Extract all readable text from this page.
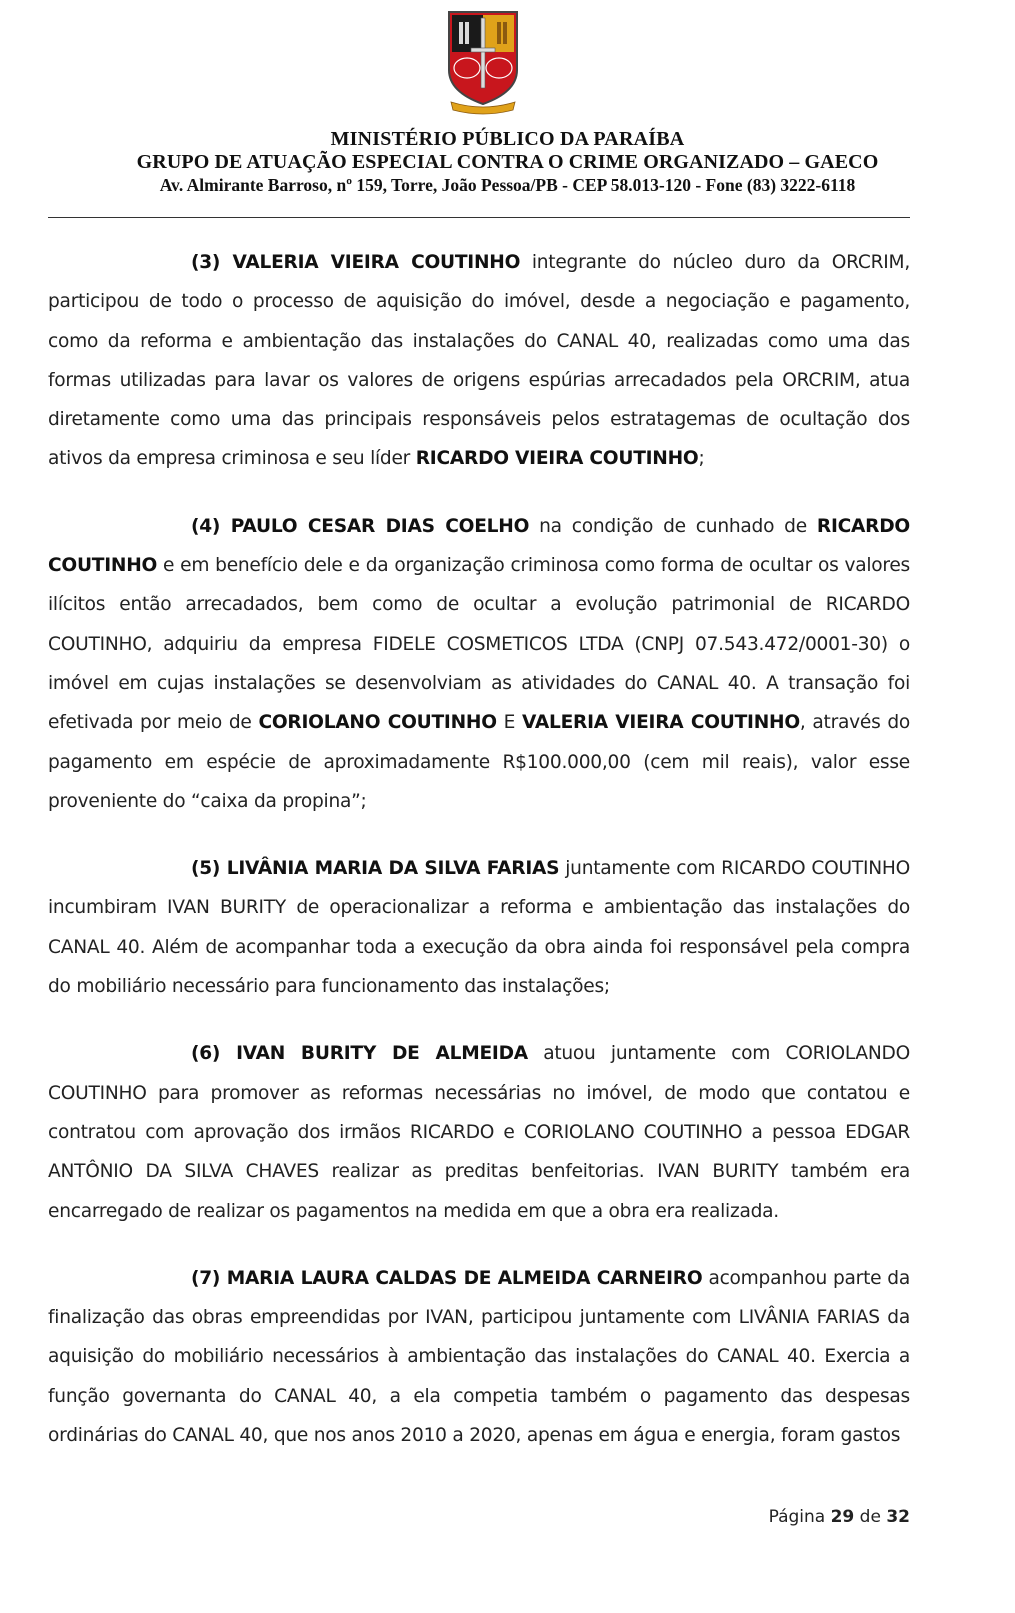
MINISTÉRIO PÚBLICO DA PARAÍBA
GRUPO DE ATUAÇÃO ESPECIAL CONTRA O CRIME ORGANIZADO – GAECO
Av. Almirante Barroso, nº 159, Torre, João Pessoa/PB - CEP 58.013-120 - Fone (83) 3222-6118

(3) VALERIA VIEIRA COUTINHO integrante do núcleo duro da ORCRIM, participou de todo o processo de aquisição do imóvel, desde a negociação e pagamento, como da reforma e ambientação das instalações do CANAL 40, realizadas como uma das formas utilizadas para lavar os valores de origens espúrias arrecadados pela ORCRIM, atua diretamente como uma das principais responsáveis pelos estratagemas de ocultação dos ativos da empresa criminosa e seu líder RICARDO VIEIRA COUTINHO;

(4) PAULO CESAR DIAS COELHO na condição de cunhado de RICARDO COUTINHO e em benefício dele e da organização criminosa como forma de ocultar os valores ilícitos então arrecadados, bem como de ocultar a evolução patrimonial de RICARDO COUTINHO, adquiriu da empresa FIDELE COSMETICOS LTDA (CNPJ 07.543.472/0001-30) o imóvel em cujas instalações se desenvolviam as atividades do CANAL 40. A transação foi efetivada por meio de CORIOLANO COUTINHO E VALERIA VIEIRA COUTINHO, através do pagamento em espécie de aproximadamente R$100.000,00 (cem mil reais), valor esse proveniente do “caixa da propina”;

(5) LIVÂNIA MARIA DA SILVA FARIAS juntamente com RICARDO COUTINHO incumbiram IVAN BURITY de operacionalizar a reforma e ambientação das instalações do CANAL 40. Além de acompanhar toda a execução da obra ainda foi responsável pela compra do mobiliário necessário para funcionamento das instalações;

(6) IVAN BURITY DE ALMEIDA atuou juntamente com CORIOLANDO COUTINHO para promover as reformas necessárias no imóvel, de modo que contatou e contratou com aprovação dos irmãos RICARDO e CORIOLANO COUTINHO a pessoa EDGAR ANTÔNIO DA SILVA CHAVES realizar as preditas benfeitorias. IVAN BURITY também era encarregado de realizar os pagamentos na medida em que a obra era realizada.

(7) MARIA LAURA CALDAS DE ALMEIDA CARNEIRO acompanhou parte da finalização das obras empreendidas por IVAN, participou juntamente com LIVÂNIA FARIAS da aquisição do mobiliário necessários à ambientação das instalações do CANAL 40. Exercia a função governanta do CANAL 40, a ela competia também o pagamento das despesas ordinárias do CANAL 40, que nos anos 2010 a 2020, apenas em água e energia, foram gastos

Página 29 de 32
